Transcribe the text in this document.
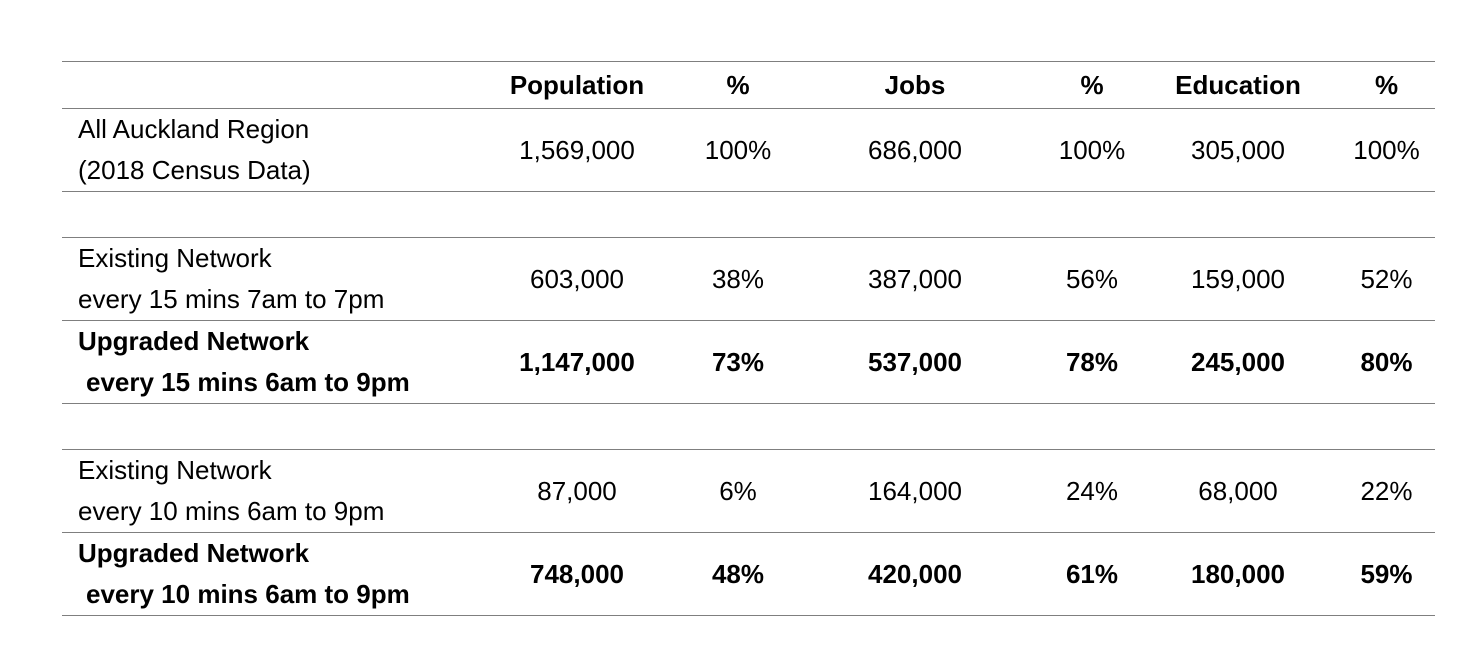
	Population	%	Jobs	%	Education	%

All Auckland Region
(2018 Census Data)	1,569,000	100%	686,000	100%	305,000	100%

Existing Network
every 15 mins 7am to 7pm	603,000	38%	387,000	56%	159,000	52%

Upgraded Network
every 15 mins 6am to 9pm	1,147,000	73%	537,000	78%	245,000	80%

Existing Network
every 10 mins 6am to 9pm	87,000	6%	164,000	24%	68,000	22%

Upgraded Network
every 10 mins 6am to 9pm	748,000	48%	420,000	61%	180,000	59%
